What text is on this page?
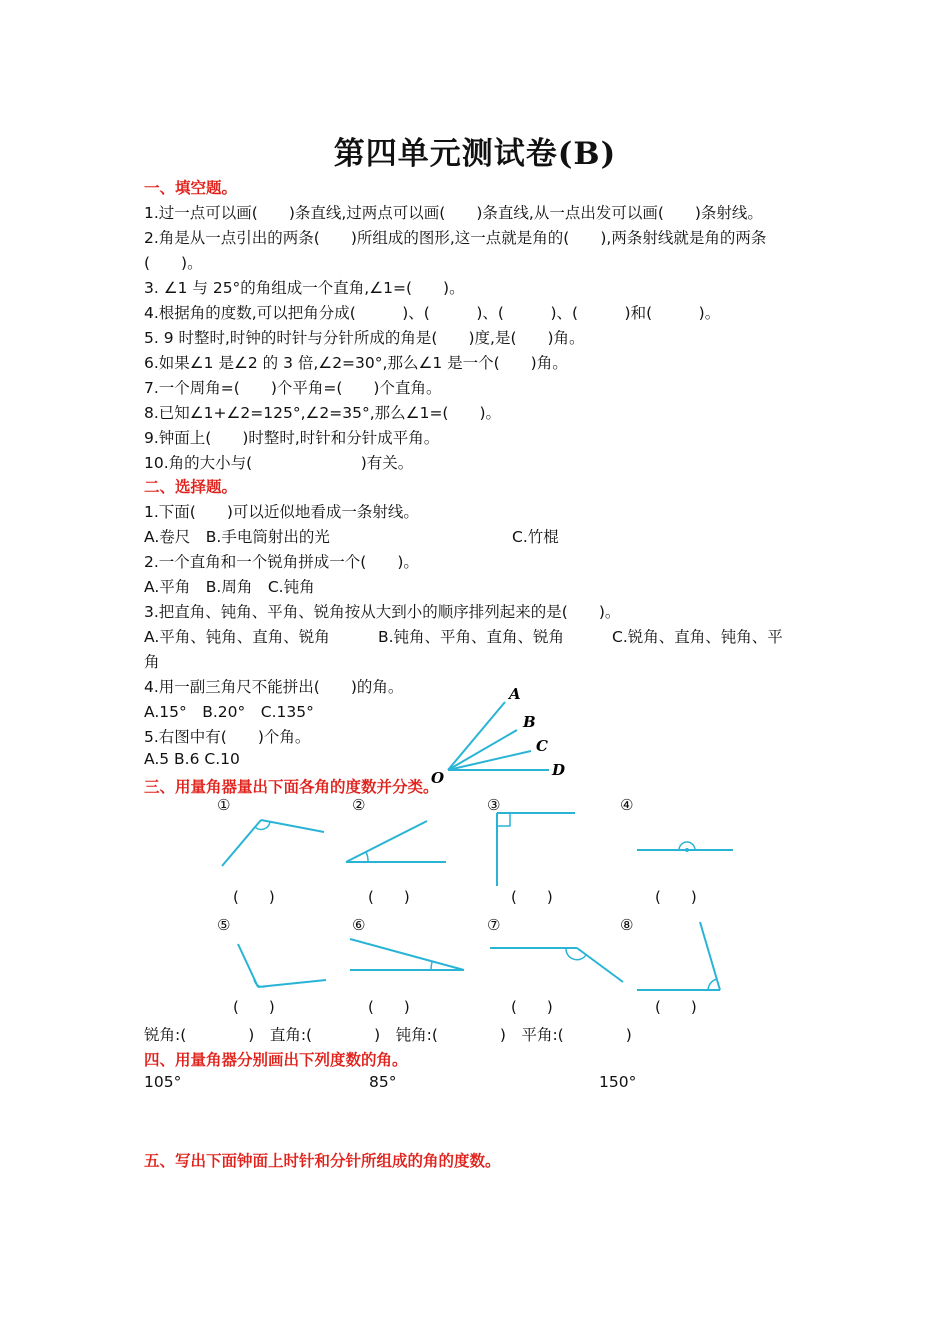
第四单元测试卷(B)
一、填空题。
1.过一点可以画(　　)条直线,过两点可以画(　　)条直线,从一点出发可以画(　　)条射线。
2.角是从一点引出的两条(　　)所组成的图形,这一点就是角的(　　),两条射线就是角的两条
(　　)。
3. ∠1 与 25°的角组成一个直角,∠1=(　　)。
4.根据角的度数,可以把角分成(　　　)、(　　　)、(　　　)、(　　　)和(　　　)。
5. 9 时整时,时钟的时针与分针所成的角是(　　)度,是(　　)角。
6.如果∠1 是∠2 的 3 倍,∠2=30°,那么∠1 是一个(　　)角。
7.一个周角=(　　)个平角=(　　)个直角。
8.已知∠1+∠2=125°,∠2=35°,那么∠1=(　　)。
9.钟面上(　　)时整时,时针和分针成平角。
10.角的大小与(　　　　　　　)有关。
二、选择题。
1.下面(　　)可以近似地看成一条射线。
A.卷尺　B.手电筒射出的光	C.竹棍
2.一个直角和一个锐角拼成一个(　　)。
A.平角　B.周角　C.钝角
3.把直角、钝角、平角、锐角按从大到小的顺序排列起来的是(　　)。
A.平角、钝角、直角、锐角	B.钝角、平角、直角、锐角	C.锐角、直角、钝角、平
角
4.用一副三角尺不能拼出(　　)的角。
A.15°　B.20°　C.135°
5.右图中有(　　)个角。
A.5 B.6 C.10
A
B
C
D
O
三、用量角器量出下面各角的度数并分类。
①	②	③	④
(　　)	(　　)	(　　)	(　　)
⑤	⑥	⑦	⑧
(　　)	(　　)	(　　)	(　　)
锐角:(　　　　)　直角:(　　　　)　钝角:(　　　　)　平角:(　　　　)
四、用量角器分别画出下列度数的角。
105°	85°	150°
五、写出下面钟面上时针和分针所组成的角的度数。
